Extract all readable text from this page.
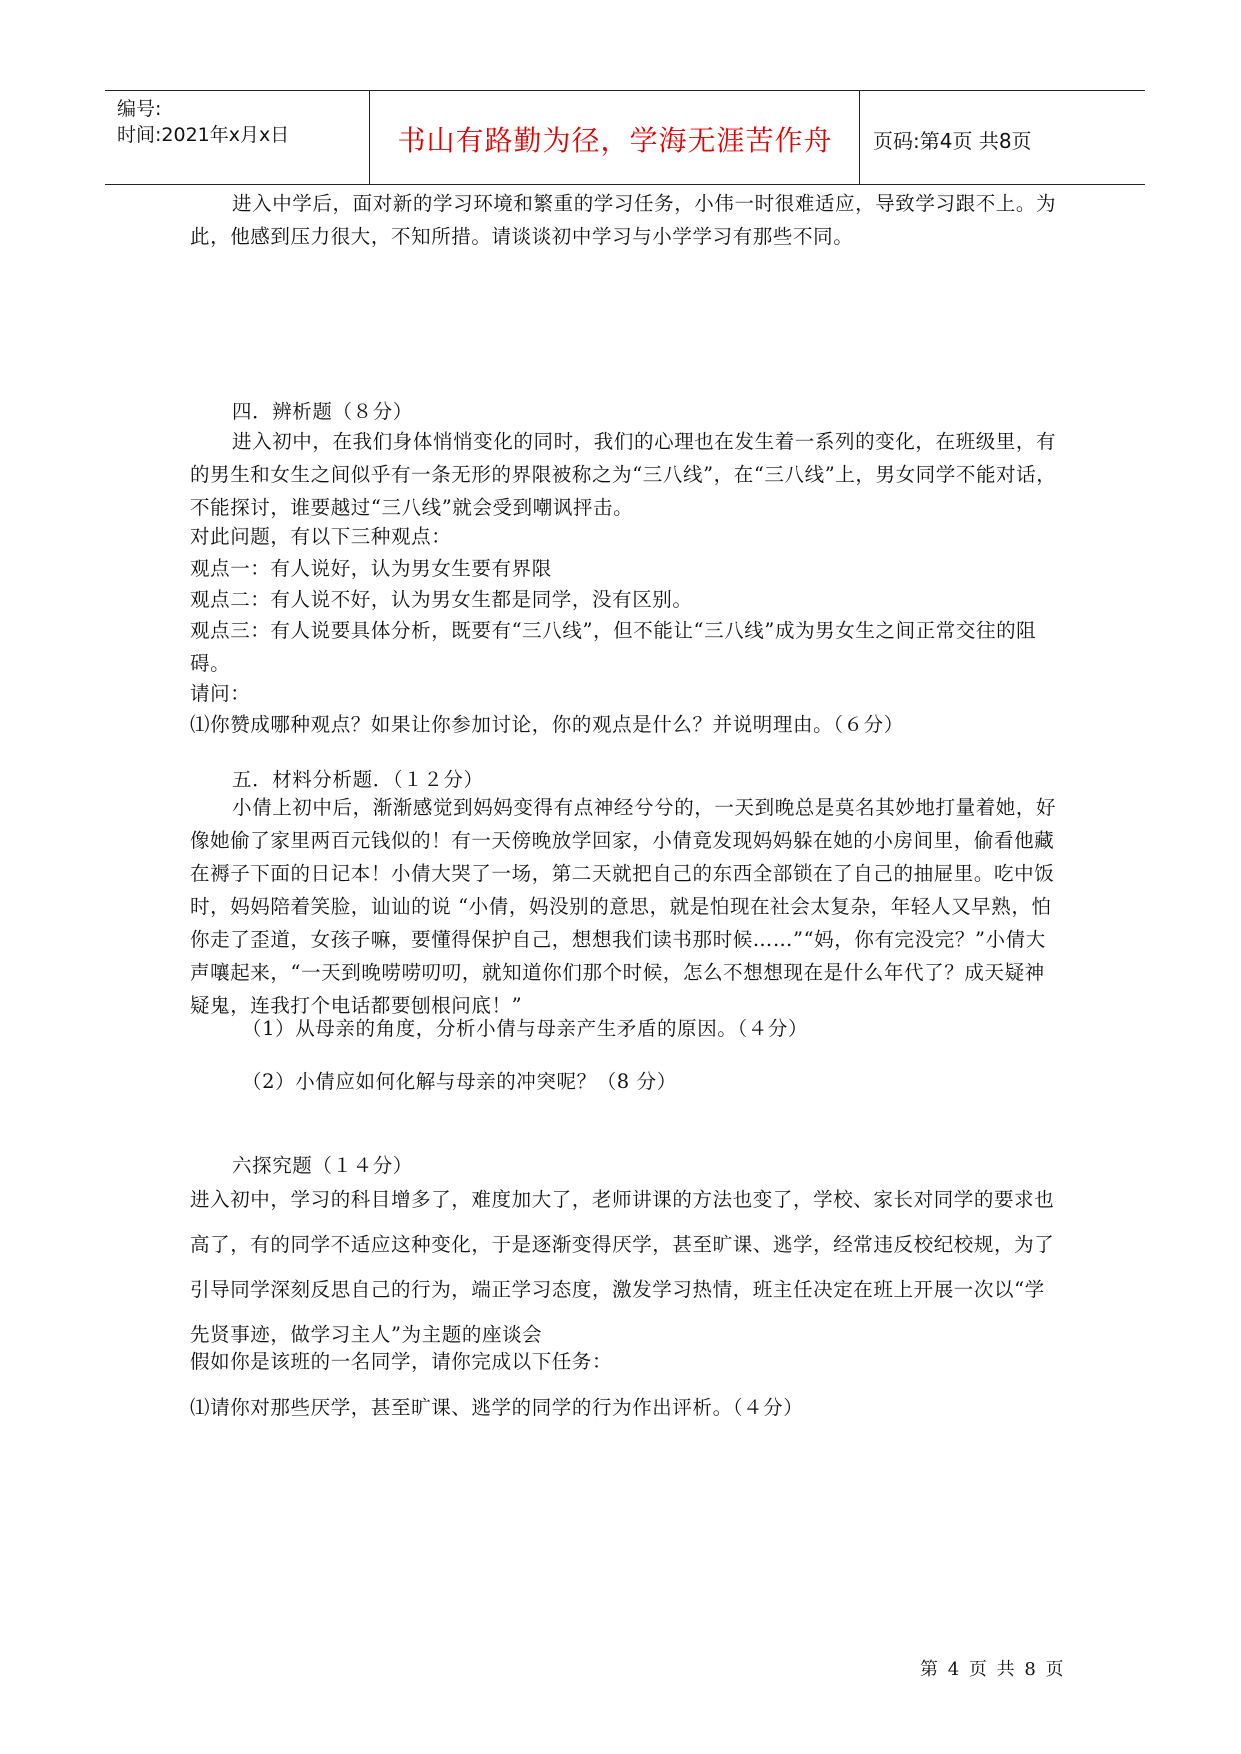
编号:
时间:2021年x月x日	书山有路勤为径，学海无涯苦作舟	页码:第4页 共8页
进入中学后，面对新的学习环境和繁重的学习任务，小伟一时很难适应，导致学习跟不上。为此，他感到压力很大，不知所措。请谈谈初中学习与小学学习有那些不同。
四．辨析题（８分）
进入初中，在我们身体悄悄变化的同时，我们的心理也在发生着一系列的变化，在班级里，有的男生和女生之间似乎有一条无形的界限被称之为“三八线”，在“三八线”上，男女同学不能对话，不能探讨，谁要越过“三八线”就会受到嘲讽抨击。
对此问题，有以下三种观点：
观点一：有人说好，认为男女生要有界限
观点二：有人说不好，认为男女生都是同学，没有区别。
观点三：有人说要具体分析，既要有“三八线”，但不能让“三八线”成为男女生之间正常交往的阻碍。
请问：
⑴你赞成哪种观点？如果让你参加讨论，你的观点是什么？并说明理由。（６分）
五．材料分析题．（１２分）
小倩上初中后，渐渐感觉到妈妈变得有点神经兮兮的，一天到晚总是莫名其妙地打量着她，好像她偷了家里两百元钱似的！有一天傍晚放学回家，小倩竟发现妈妈躲在她的小房间里，偷看他藏在褥子下面的日记本！小倩大哭了一场，第二天就把自己的东西全部锁在了自己的抽屉里。吃中饭时，妈妈陪着笑脸，讪讪的说 “小倩，妈没别的意思，就是怕现在社会太复杂，年轻人又早熟，怕你走了歪道，女孩子嘛，要懂得保护自己，想想我们读书那时候……”“妈，你有完没完？”小倩大声嚷起来，“一天到晚唠唠叨叨，就知道你们那个时候，怎么不想想现在是什么年代了？成天疑神疑鬼，连我打个电话都要刨根问底！”
（1）从母亲的角度，分析小倩与母亲产生矛盾的原因。（４分）
（2）小倩应如何化解与母亲的冲突呢？（8 分）
六探究题（１４分）
进入初中，学习的科目增多了，难度加大了，老师讲课的方法也变了，学校、家长对同学的要求也高了，有的同学不适应这种变化，于是逐渐变得厌学，甚至旷课、逃学，经常违反校纪校规，为了引导同学深刻反思自己的行为，端正学习态度，激发学习热情，班主任决定在班上开展一次以“学先贤事迹，做学习主人”为主题的座谈会
假如你是该班的一名同学，请你完成以下任务：
⑴请你对那些厌学，甚至旷课、逃学的同学的行为作出评析。（４分）
第 4 页 共 8 页
